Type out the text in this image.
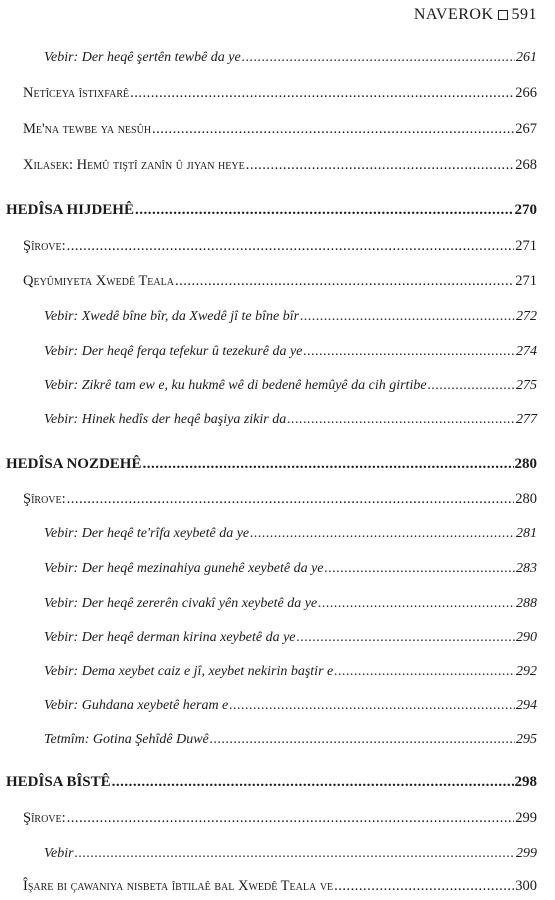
NAVEROK 591
Vebir: Der heqê şertên tewbê da ye .....	261
Netîceya îstixfarê .....	266
Me'na tewbe ya nesûh .....	267
Xilasek: Hemû tiştî zanîn û jiyan heye .....	268
HEDÎSA HIJDEHÊ .....	270
Şîrove: .....	271
Qeyûmiyeta Xwedê Teala .....	271
Vebir: Xwedê bîne bîr, da Xwedê jî te bîne bîr .....	272
Vebir: Der heqê ferqa tefekur û tezekurê da ye .....	274
Vebir: Zikrê tam ew e, ku hukmê wê di bedenê hemûyê da cih girtibe .....	275
Vebir: Hinek hedîs der heqê başiya zikir da .....	277
HEDÎSA NOZDEHÊ .....	280
Şîrove: .....	280
Vebir: Der heqê te'rîfa xeybetê da ye .....	281
Vebir: Der heqê mezinahiya gunehê xeybetê da ye .....	283
Vebir: Der heqê zererên civakî yên xeybetê da ye .....	288
Vebir: Der heqê derman kirina xeybetê da ye .....	290
Vebir: Dema xeybet caiz e jî, xeybet nekirin baştir e .....	292
Vebir: Guhdana xeybetê heram e .....	294
Tetmîm: Gotina Şehîdê Duwê .....	295
HEDÎSA BÎSTÊ .....	298
Şîrove: .....	299
Vebir .....	299
Îşare bi çawaniya nisbeta îbtilaê bal Xwedê Teala ve .....	300
